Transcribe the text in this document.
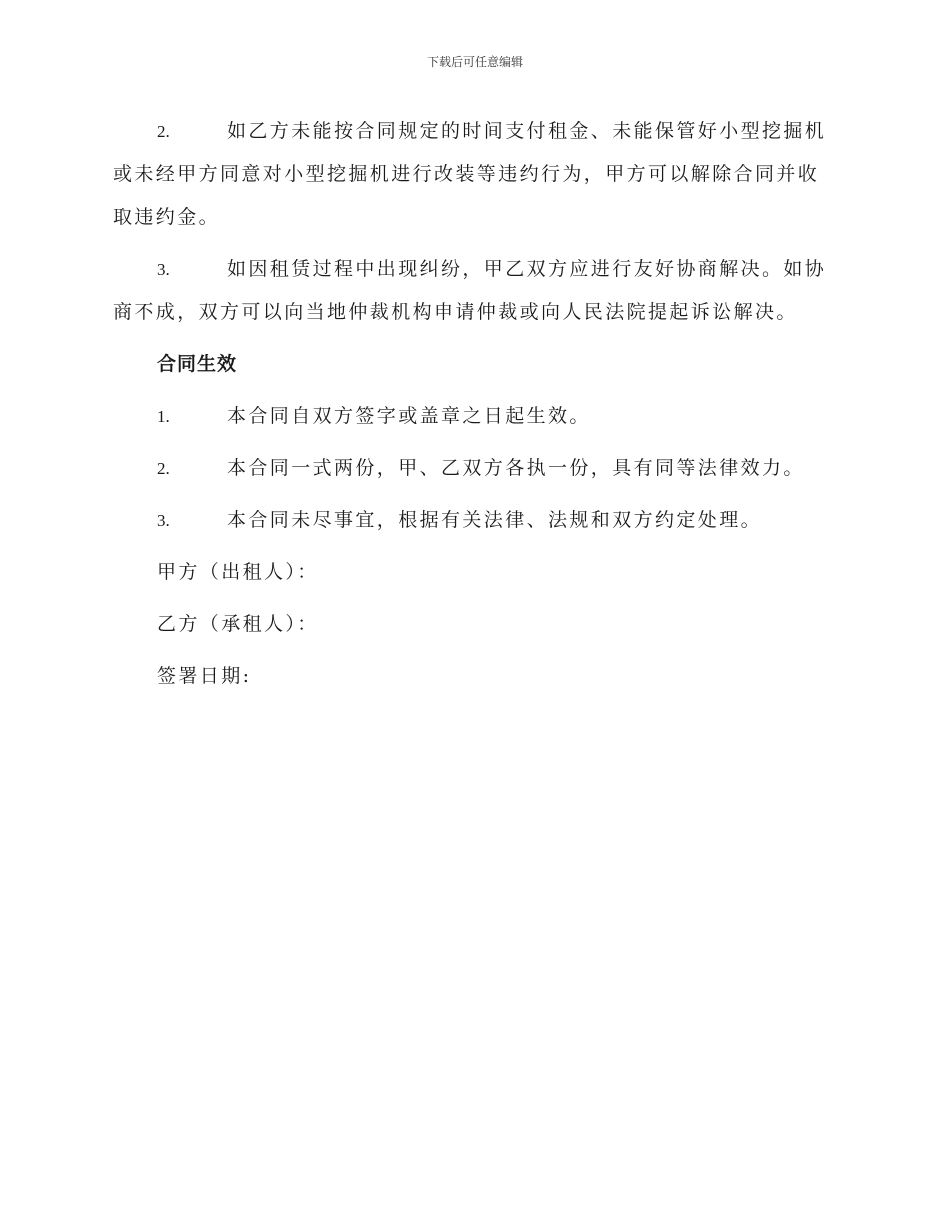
下载后可任意编辑

2.	如乙方未能按合同规定的时间支付租金、未能保管好小型挖掘机或未经甲方同意对小型挖掘机进行改装等违约行为，甲方可以解除合同并收取违约金。

3.	如因租赁过程中出现纠纷，甲乙双方应进行友好协商解决。如协商不成，双方可以向当地仲裁机构申请仲裁或向人民法院提起诉讼解决。

合同生效

1.	本合同自双方签字或盖章之日起生效。

2.	本合同一式两份，甲、乙双方各执一份，具有同等法律效力。

3.	本合同未尽事宜，根据有关法律、法规和双方约定处理。

甲方（出租人）：

乙方（承租人）：

签署日期:
